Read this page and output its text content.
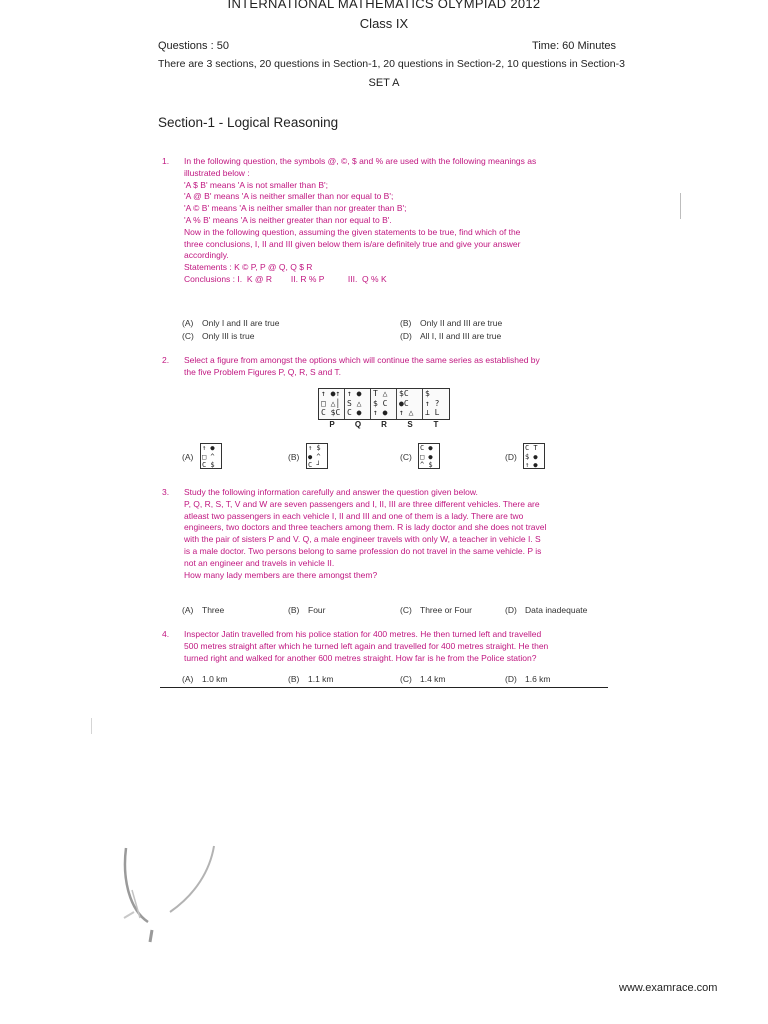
INTERNATIONAL MATHEMATICS OLYMPIAD 2012
Class IX
Questions : 50	Time: 60 Minutes
There are 3 sections, 20 questions in Section-1, 20 questions in Section-2, 10 questions in Section-3
SET A
Section-1 - Logical Reasoning
1. In the following question, the symbols @, ©, $ and % are used with the following meanings as
illustrated below :
'A $ B' means 'A is not smaller than B';
'A @ B' means 'A is neither smaller than nor equal to B';
'A © B' means 'A is neither smaller than nor greater than B';
'A % B' means 'A is neither greater than nor equal to B'.
Now in the following question, assuming the given statements to be true, find which of the
three conclusions, I, II and III given below them is/are definitely true and give your answer
accordingly.
Statements : K © P, P @ Q, Q $ R
Conclusions : I.  K @ R        II. R % P          III.  Q % K
(A) Only I and II are true	(B) Only II and III are true
(C) Only III is true	(D) All I, II and III are true
2. Select a figure from amongst the options which will continue the same series as established by
the five Problem Figures P, Q, R, S and T.
↑ ●↑
□ △│
C $C
↑ ●
S △
C ●
T △
$ C
↑ ●
$C
●C
↑ △
$
↑ ?
⊥ L
P	Q	R	S	T
(A)
↑ ●
□ ^
C $
(B)
↑ $
● ^
C ┘
(C)
C ●
□ ●
^ $
(D)
C T
$ ●
↑ ●
3. Study the following information carefully and answer the question given below.
P, Q, R, S, T, V and W are seven passengers and I, II, III are three different vehicles. There are
atleast two passengers in each vehicle I, II and III and one of them is a lady. There are two
engineers, two doctors and three teachers among them. R is lady doctor and she does not travel
with the pair of sisters P and V. Q, a male engineer travels with only W, a teacher in vehicle I. S
is a male doctor. Two persons belong to same profession do not travel in the same vehicle. P is
not an engineer and travels in vehicle II.
How many lady members are there amongst them?
(A) Three	(B) Four	(C) Three or Four	(D) Data inadequate
4. Inspector Jatin travelled from his police station for 400 metres. He then turned left and travelled
500 metres straight after which he turned left again and travelled for 400 metres straight. He then
turned right and walked for another 600 metres straight. How far is he from the Police station?
(A) 1.0 km	(B) 1.1 km	(C) 1.4 km	(D) 1.6 km
www.examrace.com
